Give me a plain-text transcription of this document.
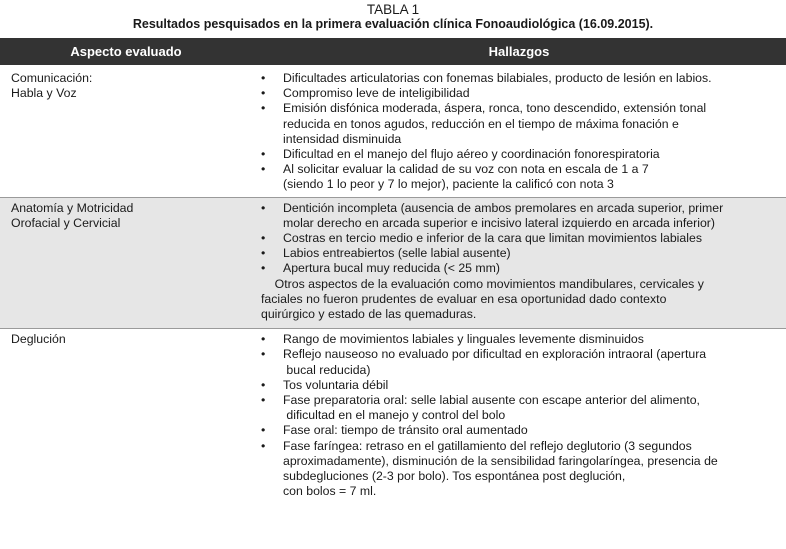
TABLA 1
Resultados pesquisados en la primera evaluación clínica Fonoaudiológica (16.09.2015).
Aspecto evaluado	Hallazgos
Comunicación:
Habla y Voz
• Dificultades articulatorias con fonemas bilabiales, producto de lesión en labios.
• Compromiso leve de inteligibilidad
• Emisión disfónica moderada, áspera, ronca, tono descendido, extensión tonal
reducida en tonos agudos, reducción en el tiempo de máxima fonación e
intensidad disminuida
• Dificultad en el manejo del flujo aéreo y coordinación fonorespiratoria
• Al solicitar evaluar la calidad de su voz con nota en escala de 1 a 7
(siendo 1 lo peor y 7 lo mejor), paciente la calificó con nota 3
Anatomía y Motricidad
Orofacial y Cervicial
• Dentición incompleta (ausencia de ambos premolares en arcada superior, primer
molar derecho en arcada superior e incisivo lateral izquierdo en arcada inferior)
• Costras en tercio medio e inferior de la cara que limitan movimientos labiales
• Labios entreabiertos (selle labial ausente)
• Apertura bucal muy reducida (< 25 mm)
Otros aspectos de la evaluación como movimientos mandibulares, cervicales y
faciales no fueron prudentes de evaluar en esa oportunidad dado contexto
quirúrgico y estado de las quemaduras.
Deglución	• Rango de movimientos labiales y linguales levemente disminuidos
• Reflejo nauseoso no evaluado por dificultad en exploración intraoral (apertura
bucal reducida)
• Tos voluntaria débil
• Fase preparatoria oral: selle labial ausente con escape anterior del alimento,
dificultad en el manejo y control del bolo
• Fase oral: tiempo de tránsito oral aumentado
• Fase faríngea: retraso en el gatillamiento del reflejo deglutorio (3 segundos
aproximadamente), disminución de la sensibilidad faringolaríngea, presencia de
subdegluciones (2-3 por bolo). Tos espontánea post deglución,
con bolos = 7 ml.
